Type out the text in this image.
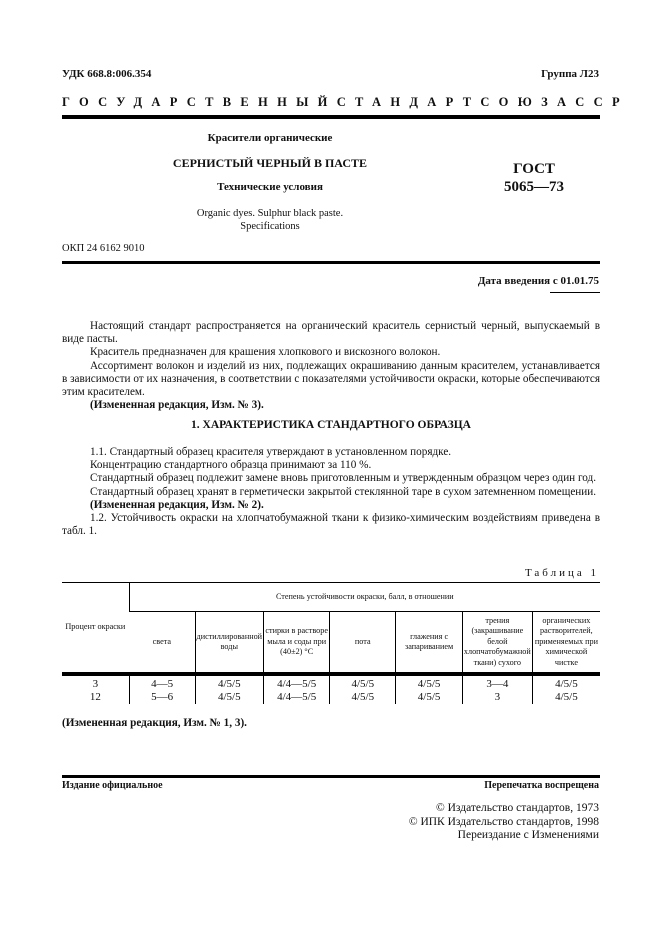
УДК 668.8:006.354	Группа Л23
ГОСУДАРСТВЕННЫЙ СТАНДАРТ СОЮЗА ССР
Красители органические
СЕРНИСТЫЙ ЧЕРНЫЙ В ПАСТЕ
Технические условия
Organic dyes. Sulphur black paste.
Specifications
ГОСТ
5065—73
ОКП 24 6162 9010
Дата введения с 01.01.75

Настоящий стандарт распространяется на органический краситель сернистый черный, выпускаемый в виде пасты.

Краситель предназначен для крашения хлопкового и вискозного волокон.

Ассортимент волокон и изделий из них, подлежащих окрашиванию данным красителем, устанавливается в зависимости от их назначения, в соответствии с показателями устойчивости окраски, которые обеспечиваются этим красителем.

(Измененная редакция, Изм. № 3).

1. ХАРАКТЕРИСТИКА СТАНДАРТНОГО ОБРАЗЦА

1.1. Стандартный образец красителя утверждают в установленном порядке.

Концентрацию стандартного образца принимают за 110 %.

Стандартный образец подлежит замене вновь приготовленным и утвержденным образцом через один год.

Стандартный образец хранят в герметически закрытой стеклянной таре в сухом затемненном помещении.

(Измененная редакция, Изм. № 2).

1.2. Устойчивость окраски на хлопчатобумажной ткани к физико-химическим воздействиям приведена в табл. 1.

Таблица 1
Процент окраски	Степень устойчивости окраски, балл, в отношении						
	света	дистиллированной воды	стирки в растворе мыла и соды при (40±2) °С	пота	глажения с запариванием	трения (закрашивание белой хлопчатобумажной ткани) сухого	органических растворителей, применяемых при химической чистке
3	4—5	4/5/5	4/4—5/5	4/5/5	4/5/5	3—4	4/5/5
12	5—6	4/5/5	4/4—5/5	4/5/5	4/5/5	3	4/5/5
(Измененная редакция, Изм. № 1, 3).
Издание официальное	Перепечатка воспрещена
© Издательство стандартов, 1973
© ИПК Издательство стандартов, 1998
Переиздание с Изменениями
